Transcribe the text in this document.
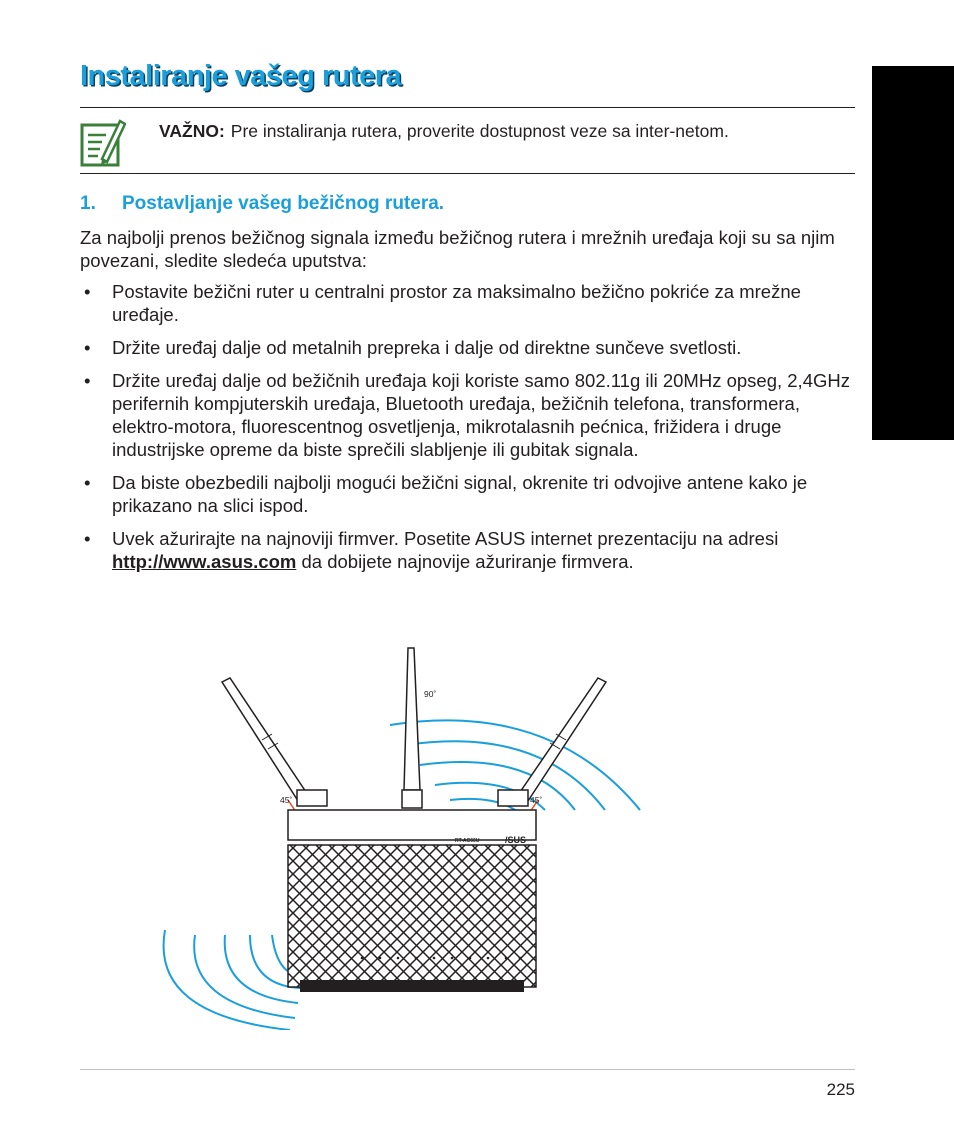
Instaliranje vašeg rutera
VAŽNO: Pre instaliranja rutera, proverite dostupnost veze sa inter-netom.
1. Postavljanje vašeg bežičnog rutera.

Za najbolji prenos bežičnog signala između bežičnog rutera i mrežnih uređaja koji su sa njim povezani, sledite sledeća uputstva:

• Postavite bežični ruter u centralni prostor za maksimalno bežično pokriće za mrežne uređaje.
• Držite uređaj dalje od metalnih prepreka i dalje od direktne sunčeve svetlosti.
• Držite uređaj dalje od bežičnih uređaja koji koriste samo 802.11g ili 20MHz opseg, 2,4GHz perifernih kompjuterskih uređaja, Bluetooth uređaja, bežičnih telefona, transformera, elektro-motora, fluorescentnog osvetljenja, mikrotalasnih pećnica, frižidera i druge industrijske opreme da biste sprečili slabljenje ili gubitak signala.
• Da biste obezbedili najbolji mogući bežični signal, okrenite tri odvojive antene kako je prikazano na slici ispod.
• Uvek ažurirajte na najnoviji firmver. Posetite ASUS internet prezentaciju na adresi http://www.asus.com da dobijete najnovije ažuriranje firmvera.
90˚
45˚	45˚
RT-AC66U	/SUS
225
